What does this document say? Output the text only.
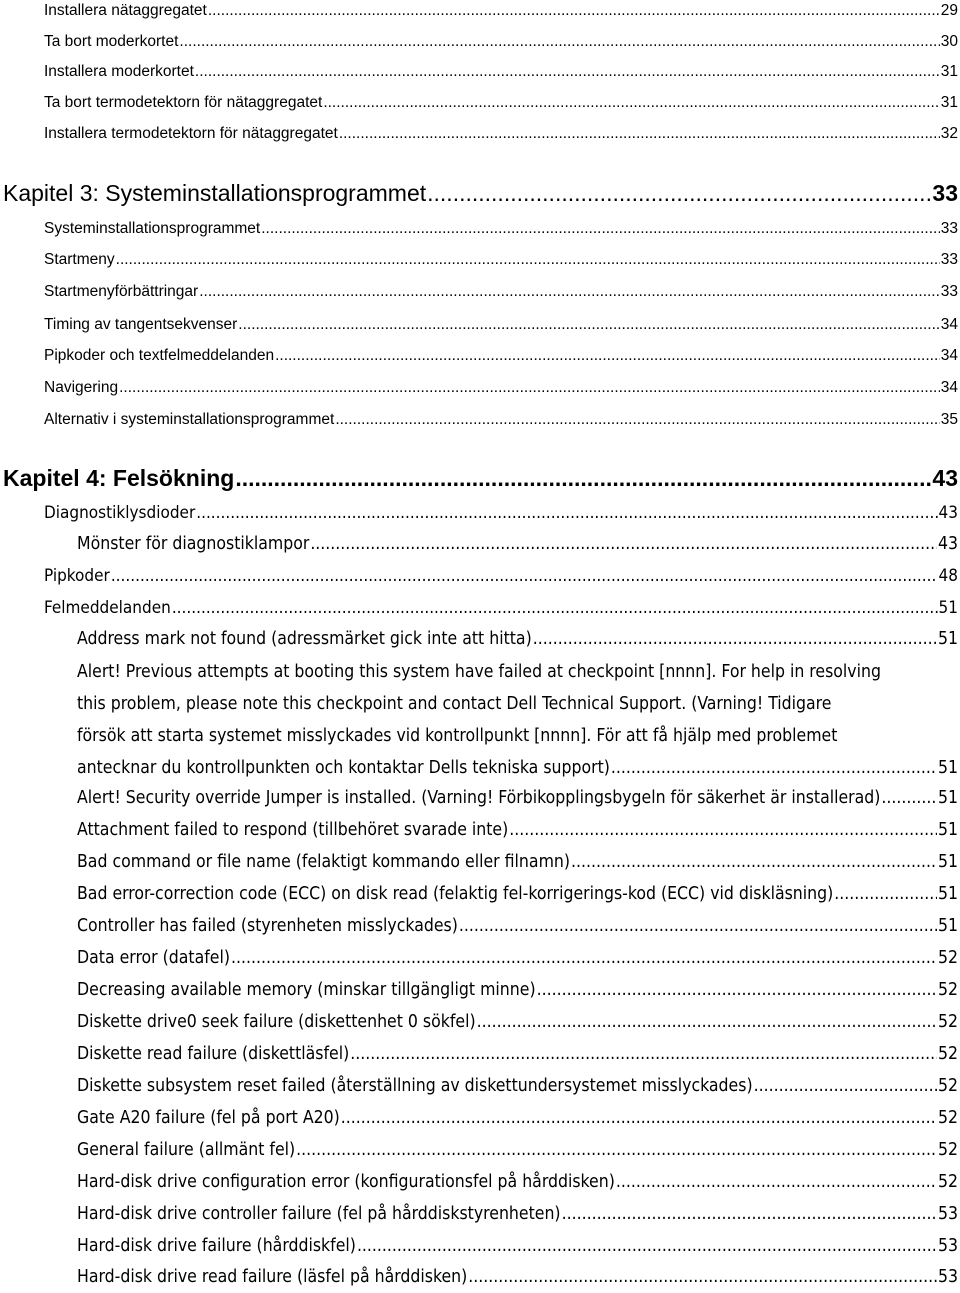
Installera nätaggregatet .....	29
Ta bort moderkortet .....	30
Installera moderkortet .....	31
Ta bort termodetektorn för nätaggregatet .....	31
Installera termodetektorn för nätaggregatet .....	32
Kapitel 3: Systeminstallationsprogrammet .....	33
Systeminstallationsprogrammet .....	33
Startmeny .....	33
Startmenyförbättringar .....	33
Timing av tangentsekvenser .....	34
Pipkoder och textfelmeddelanden .....	34
Navigering .....	34
Alternativ i systeminstallationsprogrammet .....	35
Kapitel 4: Felsökning .....	43
Diagnostiklysdioder .....	43
Mönster för diagnostiklampor .....	43
Pipkoder .....	48
Felmeddelanden .....	51
Address mark not found (adressmärket gick inte att hitta) .....	51
Alert! Previous attempts at booting this system have failed at checkpoint [nnnn]. For help in resolving
this problem, please note this checkpoint and contact Dell Technical Support. (Varning! Tidigare
försök att starta systemet misslyckades vid kontrollpunkt [nnnn]. För att få hjälp med problemet
antecknar du kontrollpunkten och kontaktar Dells tekniska support) .....	51
Alert! Security override Jumper is installed. (Varning! Förbikopplingsbygeln för säkerhet är installerad) .....	51
Attachment failed to respond (tillbehöret svarade inte) .....	51
Bad command or file name (felaktigt kommando eller filnamn) .....	51
Bad error-correction code (ECC) on disk read (felaktig fel-korrigerings-kod (ECC) vid diskläsning) .....	51
Controller has failed (styrenheten misslyckades) .....	51
Data error (datafel) .....	52
Decreasing available memory (minskar tillgängligt minne) .....	52
Diskette drive0 seek failure (diskettenhet 0 sökfel) .....	52
Diskette read failure (diskettläsfel) .....	52
Diskette subsystem reset failed (återställning av diskettundersystemet misslyckades) .....	52
Gate A20 failure (fel på port A20) .....	52
General failure (allmänt fel) .....	52
Hard-disk drive configuration error (konfigurationsfel på hårddisken) .....	52
Hard-disk drive controller failure (fel på hårddiskstyrenheten) .....	53
Hard-disk drive failure (hårddiskfel) .....	53
Hard-disk drive read failure (läsfel på hårddisken) .....	53
